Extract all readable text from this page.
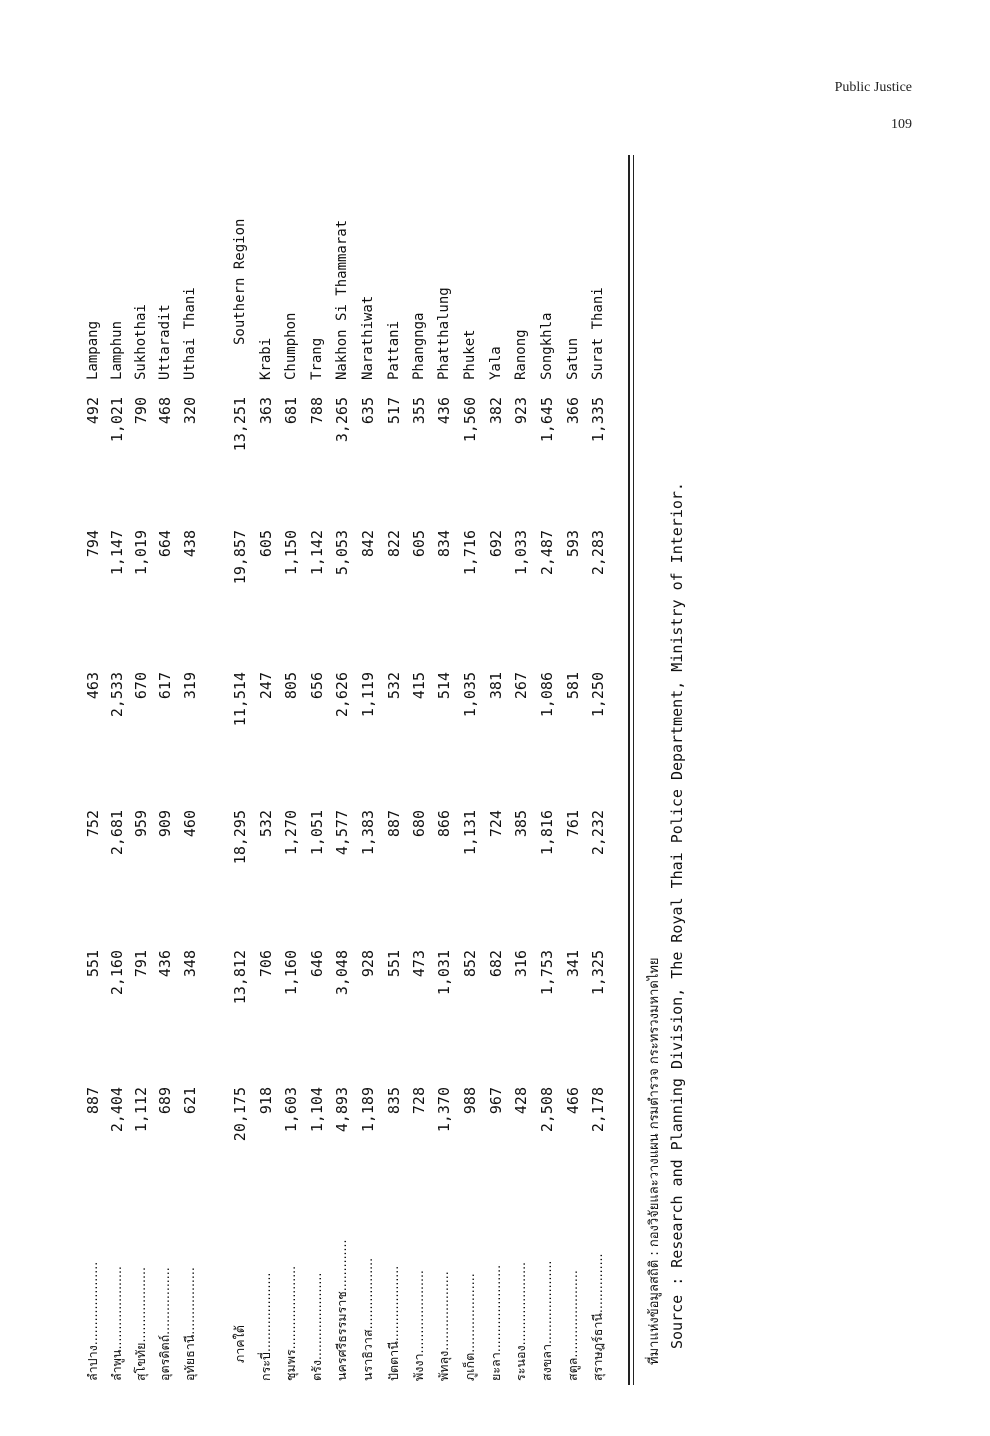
Public Justice
109
ลำปาง.....................
887
551
752
463
794
492
Lampang
ลำพูน.....................
2,404
2,160
2,681
2,533
1,147
1,021
Lamphun
สุโขทัย...................
1,112
791
959
670
1,019
790
Sukhothai
อุตรดิตถ์.................
689
436
909
617
664
468
Uttaradit
อุทัยธานี.................
621
348
460
319
438
320
Uthai Thani
ภาคใต้
20,175
13,812
18,295
11,514
19,857
13,251
Southern Region
กระบี่....................
918
706
532
247
605
363
Krabi
ชุมพร.....................
1,603
1,160
1,270
805
1,150
681
Chumphon
ตรัง......................
1,104
646
1,051
656
1,142
788
Trang
นครศรีธรรมราช.............
4,893
3,048
4,577
2,626
5,053
3,265
Nakhon Si Thammarat
นราธิวาส..................
1,189
928
1,383
1,119
842
635
Narathiwat
ปัตตานี...................
835
551
887
532
822
517
Pattani
พังงา.....................
728
473
680
415
605
355
Phangnga
พัทลุง....................
1,370
1,031
866
514
834
436
Phatthalung
ภูเก็ต....................
988
852
1,131
1,035
1,716
1,560
Phuket
ยะลา......................
967
682
724
381
692
382
Yala
ระนอง.....................
428
316
385
267
1,033
923
Ranong
สงขลา.....................
2,508
1,753
1,816
1,086
2,487
1,645
Songkhla
สตูล......................
466
341
761
581
593
366
Satun
สุราษฎร์ธานี...............
2,178
1,325
2,232
1,250
2,283
1,335
Surat Thani
ที่มาแห่งข้อมูลสถิติ : กองวิจัยและวางแผน กรมตำรวจ กระทรวงมหาดไทย Source : Research and Planning Division, The Royal Thai Police Department, Ministry of Interior.
